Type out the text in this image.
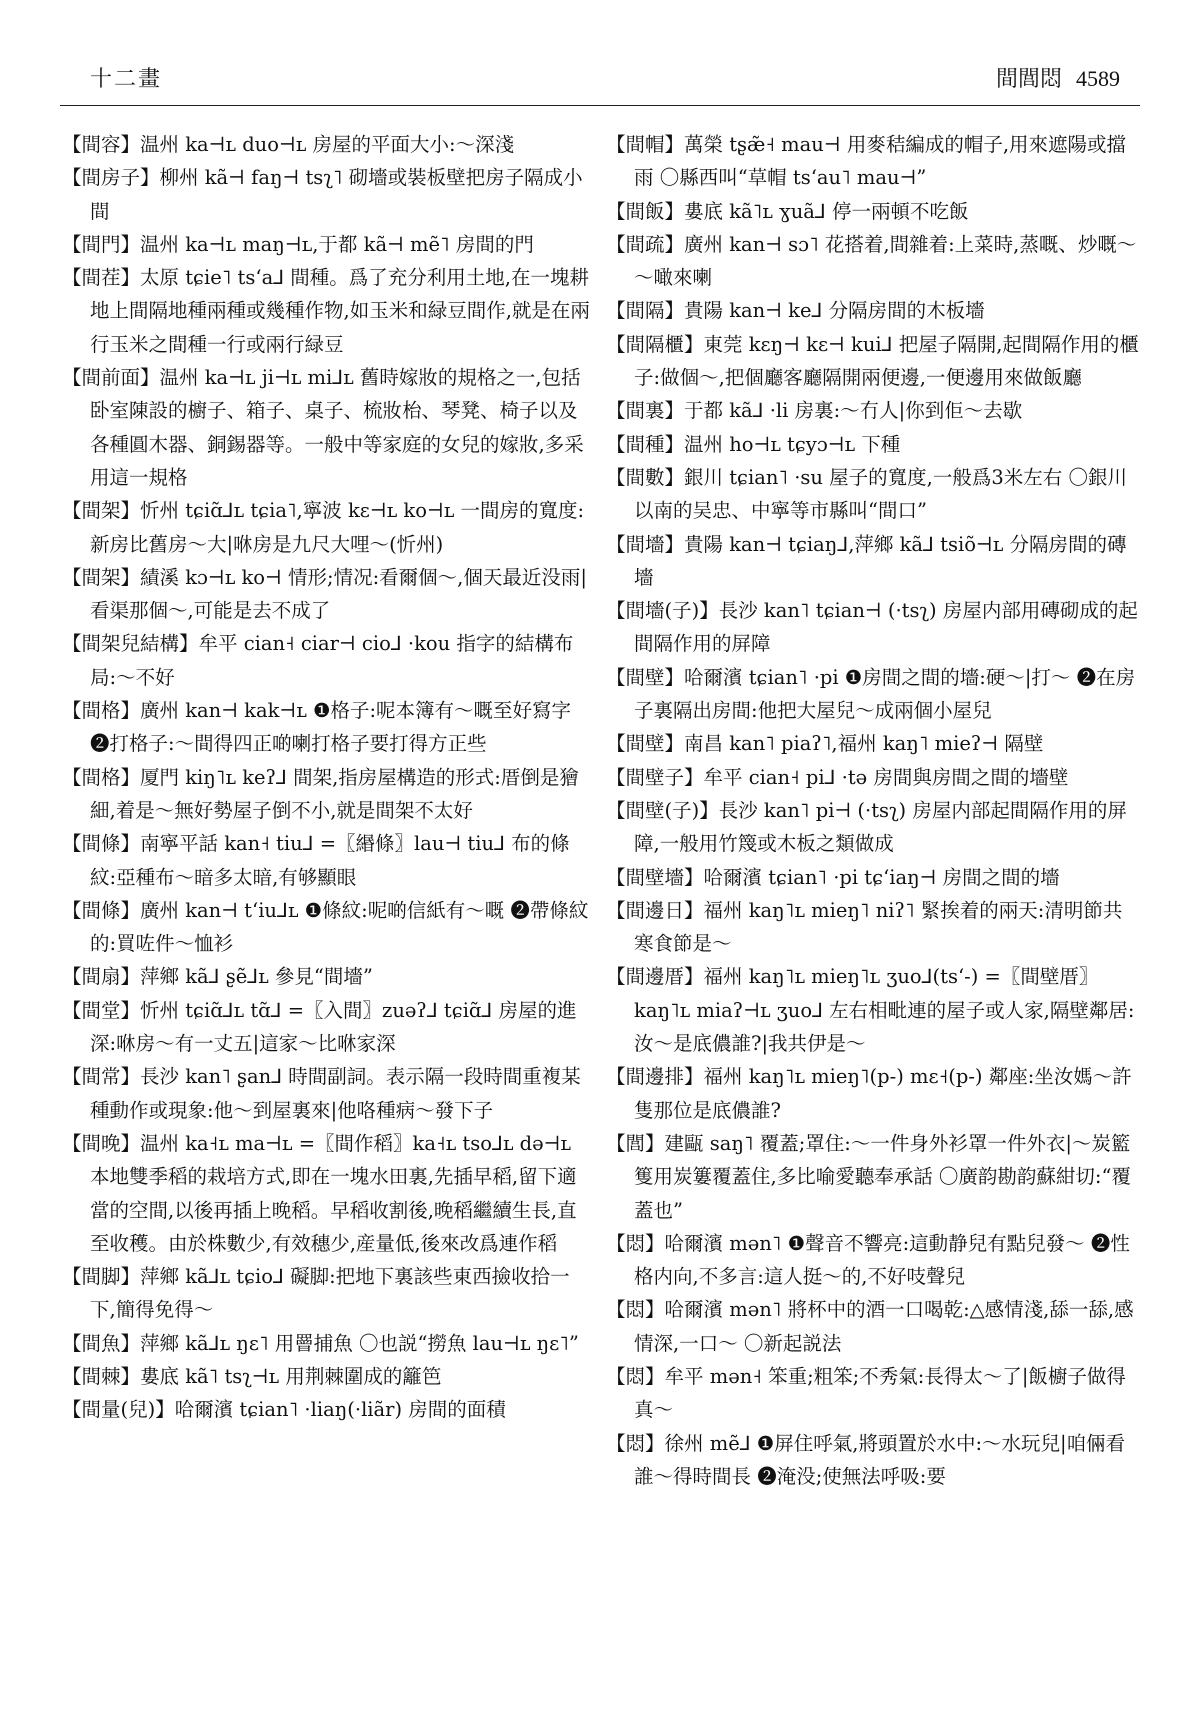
十二畫	間閭悶 4589

【間容】温州 ka⊣ʟ duo⊣ʟ 房屋的平面大小:～深淺

【間房子】柳州 kã⊣ faŋ⊣ tsʅ˥ 砌墻或裝板壁把房子隔成小間

【間門】温州 ka⊣ʟ maŋ⊣ʟ,于都 kã⊣ mẽ˥ 房間的門

【間茬】太原 tɕie˥ tsʻa⅃ 間種。爲了充分利用土地,在一塊耕地上間隔地種兩種或幾種作物,如玉米和緑豆間作,就是在兩行玉米之間種一行或兩行緑豆

【間前面】温州 ka⊣ʟ ji⊣ʟ mi⅃ʟ 舊時嫁妝的規格之一,包括卧室陳設的櫥子、箱子、桌子、梳妝枱、琴凳、椅子以及各種圓木器、銅錫器等。一般中等家庭的女兒的嫁妝,多采用這一規格

【間架】忻州 tɕiɑ̃⅃ʟ tɕia˥,寧波 kɛ⊣ʟ ko⊣ʟ 一間房的寬度:新房比舊房～大|咻房是九尺大哩～(忻州)

【間架】績溪 kɔ⊣ʟ ko⊣ 情形;情况:看爾個～,個天最近没雨|看渠那個～,可能是去不成了

【間架兒結構】牟平 cian˧ ciar⊣ cio⅃ ·kou 指字的結構布局:～不好

【間格】廣州 kan⊣ kak⊣ʟ ❶格子:呢本簿有～嘅至好寫字 ❷打格子:～間得四正啲喇打格子要打得方正些

【間格】厦門 kiŋ˥ʟ keʔ⅃ 間架,指房屋構造的形式:厝倒是獪細,着是～無好勢屋子倒不小,就是間架不太好

【間條】南寧平話 kan˧ tiu⅃ =〖緡條〗lau⊣ tiu⅃ 布的條紋:亞種布～暗多太暗,有够顯眼

【間條】廣州 kan⊣ tʻiu⅃ʟ ❶條紋:呢啲信紙有～嘅 ❷帶條紋的:買咗件～恤衫

【間扇】萍鄉 kã⅃ ʂẽ⅃ʟ 參見“間墻”

【間堂】忻州 tɕiɑ̃⅃ʟ tɑ̃⅃ =〖入間〗zuəʔ⅃ tɕiɑ̃⅃ 房屋的進深:咻房～有一丈五|這家～比咻家深

【間常】長沙 kan˥ ʂan⅃ 時間副詞。表示隔一段時間重複某種動作或現象:他～到屋裏來|他咯種病～發下子

【間晚】温州 ka˧ʟ ma⊣ʟ =〖間作稻〗ka˧ʟ tso⅃ʟ də⊣ʟ 本地雙季稻的栽培方式,即在一塊水田裏,先插早稻,留下適當的空間,以後再插上晚稻。早稻收割後,晚稻繼續生長,直至收穫。由於株數少,有效穗少,産量低,後來改爲連作稻

【間脚】萍鄉 kã⅃ʟ tɕio⅃ 礙脚:把地下裏該些東西撿收拾一下,簡得免得～

【間魚】萍鄉 kã⅃ʟ ŋɛ˥ 用罾捕魚 〇也説“撈魚 lau⊣ʟ ŋɛ˥”

【間棘】婁底 kã˥ tsʅ⊣ʟ 用荆棘圍成的籬笆

【間量(兒)】哈爾濱 tɕian˥ ·liaŋ(·liãr) 房間的面積

【間帽】萬榮 tʂæ̃˧ mau⊣ 用麥秸編成的帽子,用來遮陽或擋雨 〇縣西叫“草帽 tsʻau˥ mau⊣”

【間飯】婁底 kã˥ʟ ɣuã⅃ 停一兩頓不吃飯

【間疏】廣州 kan⊣ sɔ˥ 花搭着,間雜着:上菜時,蒸嘅、炒嘅～～噉來喇

【間隔】貴陽 kan⊣ ke⅃ 分隔房間的木板墻

【間隔櫃】東莞 kɛŋ⊣ kɛ⊣ kui⅃ 把屋子隔開,起間隔作用的櫃子:做個～,把個廳客廳隔開兩便邊,一便邊用來做飯廳

【間裏】于都 kã⅃ ·li 房裏:～冇人|你到佢～去歇

【間種】温州 ho⊣ʟ tɕyɔ⊣ʟ 下種

【間數】銀川 tɕian˥ ·su 屋子的寬度,一般爲3米左右 〇銀川以南的吴忠、中寧等市縣叫“間口”

【間墻】貴陽 kan⊣ tɕiaŋ⅃,萍鄉 kã⅃ tsiõ⊣ʟ 分隔房間的磚墻

【間墻(子)】長沙 kan˥ tɕian⊣ (·tsʅ) 房屋内部用磚砌成的起間隔作用的屏障

【間壁】哈爾濱 tɕian˥ ·pi ❶房間之間的墻:硬～|打～ ❷在房子裏隔出房間:他把大屋兒～成兩個小屋兒

【間壁】南昌 kan˥ piaʔ˥,福州 kaŋ˥ mieʔ⊣ 隔壁

【間壁子】牟平 cian˧ pi⅃ ·tə 房間與房間之間的墻壁

【間壁(子)】長沙 kan˥ pi⊣ (·tsʅ) 房屋内部起間隔作用的屏障,一般用竹篾或木板之類做成

【間壁墻】哈爾濱 tɕian˥ ·pi tɕʻiaŋ⊣ 房間之間的墻

【間邊日】福州 kaŋ˥ʟ mieŋ˥ niʔ˥ 緊挨着的兩天:清明節共寒食節是～

【間邊厝】福州 kaŋ˥ʟ mieŋ˥ʟ ʒuo⅃(tsʻ-) =〖間壁厝〗kaŋ˥ʟ miaʔ⊣ʟ ʒuo⅃ 左右相毗連的屋子或人家,隔壁鄰居:汝～是底儂誰?|我共伊是～

【間邊排】福州 kaŋ˥ʟ mieŋ˥(p-) mɛ˧(p-) 鄰座:坐汝媽～許隻那位是底儂誰?

【閭】建甌 saŋ˥ 覆蓋;罩住:～一件身外衫罩一件外衣|～炭籃篗用炭簍覆蓋住,多比喻愛聽奉承話 〇廣韵勘韵蘇紺切:“覆蓋也”

【悶】哈爾濱 mən˥ ❶聲音不響亮:這動静兒有點兒發～ ❷性格内向,不多言:這人挺～的,不好吱聲兒

【悶】哈爾濱 mən˥ 將杯中的酒一口喝乾:△感情淺,舔一舔,感情深,一口～ 〇新起説法

【悶】牟平 mən˧ 笨重;粗笨;不秀氣:長得太～了|飯櫥子做得真～

【悶】徐州 mẽ⅃ ❶屏住呼氣,將頭置於水中:～水玩兒|咱倆看誰～得時間長 ❷淹没;使無法呼吸:要
